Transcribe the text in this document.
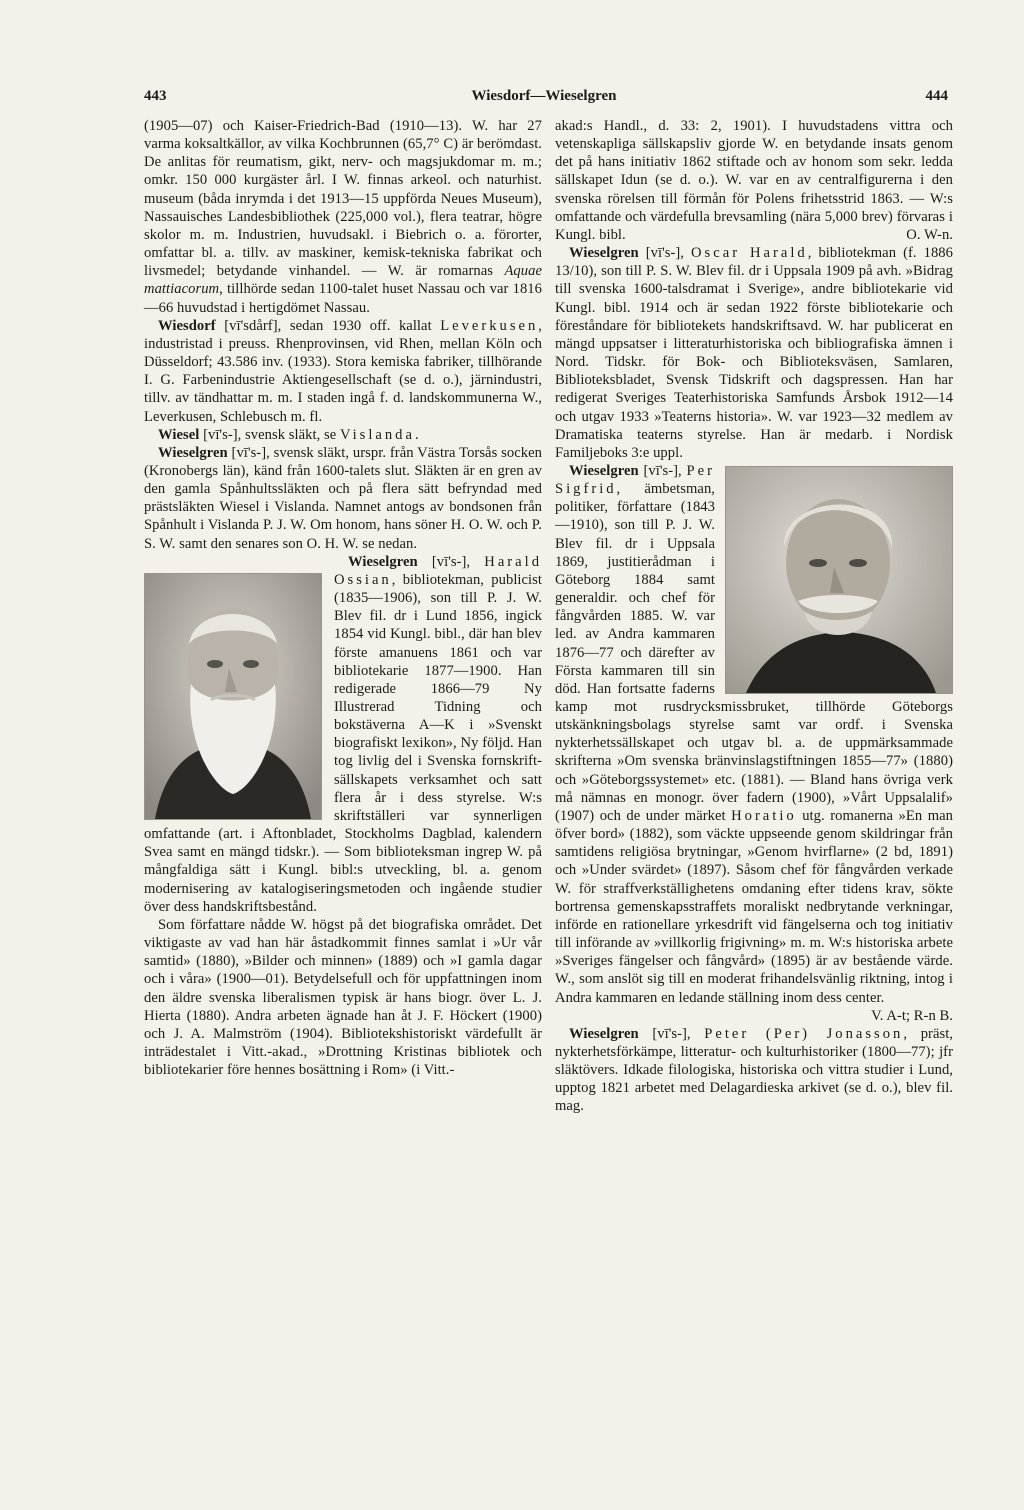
443	Wiesdorf—Wieselgren	444

(1905—07) och Kaiser-Friedrich-Bad (1910—13). W. har 27 varma koksaltkällor, av vilka Kochbrunnen (65,7° C) är berömdast. De anlitas för reumatism, gikt, nerv- och magsjukdomar m. m.; omkr. 150 000 kurgäster årl. I W. finnas arkeol. och naturhist. museum (båda inrymda i det 1913—15 uppförda Neues Museum), Nassauisches Landesbibliothek (225,000 vol.), flera teatrar, högre skolor m. m. Industrien, huvudsakl. i Biebrich o. a. förorter, omfattar bl. a. tillv. av maskiner, kemisk-tekniska fabrikat och livsmedel; betydande vinhandel. — W. är romarnas Aquae mattiacorum, tillhörde sedan 1100-talet huset Nassau och var 1816—66 huvudstad i hertigdömet Nassau.

Wiesdorf [vī'sdårf], sedan 1930 off. kallat Leverkusen, industristad i preuss. Rhenprovinsen, vid Rhen, mellan Köln och Düsseldorf; 43.586 inv. (1933). Stora kemiska fabriker, tillhörande I. G. Farbenindustrie Aktiengesellschaft (se d. o.), järnindustri, tillv. av tändhattar m. m. I staden ingå f. d. landskommunerna W., Leverkusen, Schlebusch m. fl.

Wiesel [vī's-], svensk släkt, se Vislanda.

Wieselgren [vī's-], svensk släkt, urspr. från Västra Torsås socken (Kronobergs län), känd från 1600-talets slut. Släkten är en gren av den gamla Spånhultssläkten och på flera sätt befryndad med prästsläkten Wiesel i Vislanda. Namnet antogs av bondsonen från Spånhult i Vislanda P. J. W. Om honom, hans söner H. O. W. och P. S. W. samt den senares son O. H. W. se nedan.

Wieselgren [vī's-], Harald Ossian, bibliotekman, publicist (1835—1906), son till P. J. W. Blev fil. dr i Lund 1856, ingick 1854 vid Kungl. bibl., där han blev förste amanuens 1861 och var bibliotekarie 1877—1900. Han redigerade 1866—79 Ny Illustrerad Tidning och bokstäverna A—K i »Svenskt biografiskt lexikon», Ny följd. Han tog livlig del i Svenska fornskrift-sällskapets verksamhet och satt flera år i dess styrelse. W:s skriftställeri var synnerligen omfattande (art. i Aftonbladet, Stockholms Dagblad, kalendern Svea samt en mängd tidskr.). — Som biblioteksman ingrep W. på mångfaldiga sätt i Kungl. bibl:s utveckling, bl. a. genom modernisering av katalogiseringsmetoden och ingående studier över dess handskriftsbestånd.

Som författare nådde W. högst på det biografiska området. Det viktigaste av vad han här åstadkommit finnes samlat i »Ur vår samtid» (1880), »Bilder och minnen» (1889) och »I gamla dagar och i våra» (1900—01). Betydelsefull och för uppfattningen inom den äldre svenska liberalismen typisk är hans biogr. över L. J. Hierta (1880). Andra arbeten ägnade han åt J. F. Höckert (1900) och J. A. Malmström (1904). Bibliotekshistoriskt värdefullt är inträdestalet i Vitt.-akad., »Drottning Kristinas bibliotek och bibliotekarier före hennes bosättning i Rom» (i Vitt.-

akad:s Handl., d. 33: 2, 1901). I huvudstadens vittra och vetenskapliga sällskapsliv gjorde W. en betydande insats genom det på hans initiativ 1862 stiftade och av honom som sekr. ledda sällskapet Idun (se d. o.). W. var en av centralfigurerna i den svenska rörelsen till förmån för Polens frihetsstrid 1863. — W:s omfattande och värdefulla brevsamling (nära 5,000 brev) förvaras i Kungl. bibl.	O. W-n.

Wieselgren [vī's-], Oscar Harald, bibliotekman (f. 1886 13/10), son till P. S. W. Blev fil. dr i Uppsala 1909 på avh. »Bidrag till svenska 1600-talsdramat i Sverige», andre bibliotekarie vid Kungl. bibl. 1914 och är sedan 1922 förste bibliotekarie och föreståndare för bibliotekets handskriftsavd. W. har publicerat en mängd uppsatser i litteraturhistoriska och bibliografiska ämnen i Nord. Tidskr. för Bok- och Biblioteksväsen, Samlaren, Biblioteksbladet, Svensk Tidskrift och dagspressen. Han har redigerat Sveriges Teaterhistoriska Samfunds Årsbok 1912—14 och utgav 1933 »Teaterns historia». W. var 1923—32 medlem av Dramatiska teaterns styrelse. Han är medarb. i Nordisk Familjeboks 3:e uppl.

Wieselgren [vī's-], Per Sigfrid, ämbetsman, politiker, författare (1843—1910), son till P. J. W. Blev fil. dr i Uppsala 1869, justitierådman i Göteborg 1884 samt generaldir. och chef för fångvården 1885. W. var led. av Andra kammaren 1876—77 och därefter av Första kammaren till sin död. Han fortsatte faderns kamp mot rusdrycksmissbruket, tillhörde Göteborgs utskänkningsbolags styrelse samt var ordf. i Svenska nykterhetssällskapet och utgav bl. a. de uppmärksammade skrifterna »Om svenska bränvinslagstiftningen 1855—77» (1880) och »Göteborgssystemet» etc. (1881). — Bland hans övriga verk må nämnas en monogr. över fadern (1900), »Vårt Uppsalalif» (1907) och de under märket Horatio utg. romanerna »En man öfver bord» (1882), som väckte uppseende genom skildringar från samtidens religiösa brytningar, »Genom hvirflarne» (2 bd, 1891) och »Under svärdet» (1897). Såsom chef för fångvården verkade W. för straffverkställighetens omdaning efter tidens krav, sökte bortrensa gemenskapsstraffets moraliskt nedbrytande verkningar, införde en rationellare yrkesdrift vid fängelserna och tog initiativ till införande av »villkorlig frigivning» m. m. W:s historiska arbete »Sveriges fängelser och fångvård» (1895) är av bestående värde. W., som anslöt sig till en moderat frihandelsvänlig riktning, intog i Andra kammaren en ledande ställning inom dess center.
V. A-t; R-n B.

Wieselgren [vī's-], Peter (Per) Jonasson, präst, nykterhetsförkämpe, litteratur- och kulturhistoriker (1800—77); jfr släktövers. Idkade filologiska, historiska och vittra studier i Lund, upptog 1821 arbetet med Delagardieska arkivet (se d. o.), blev fil. mag.
